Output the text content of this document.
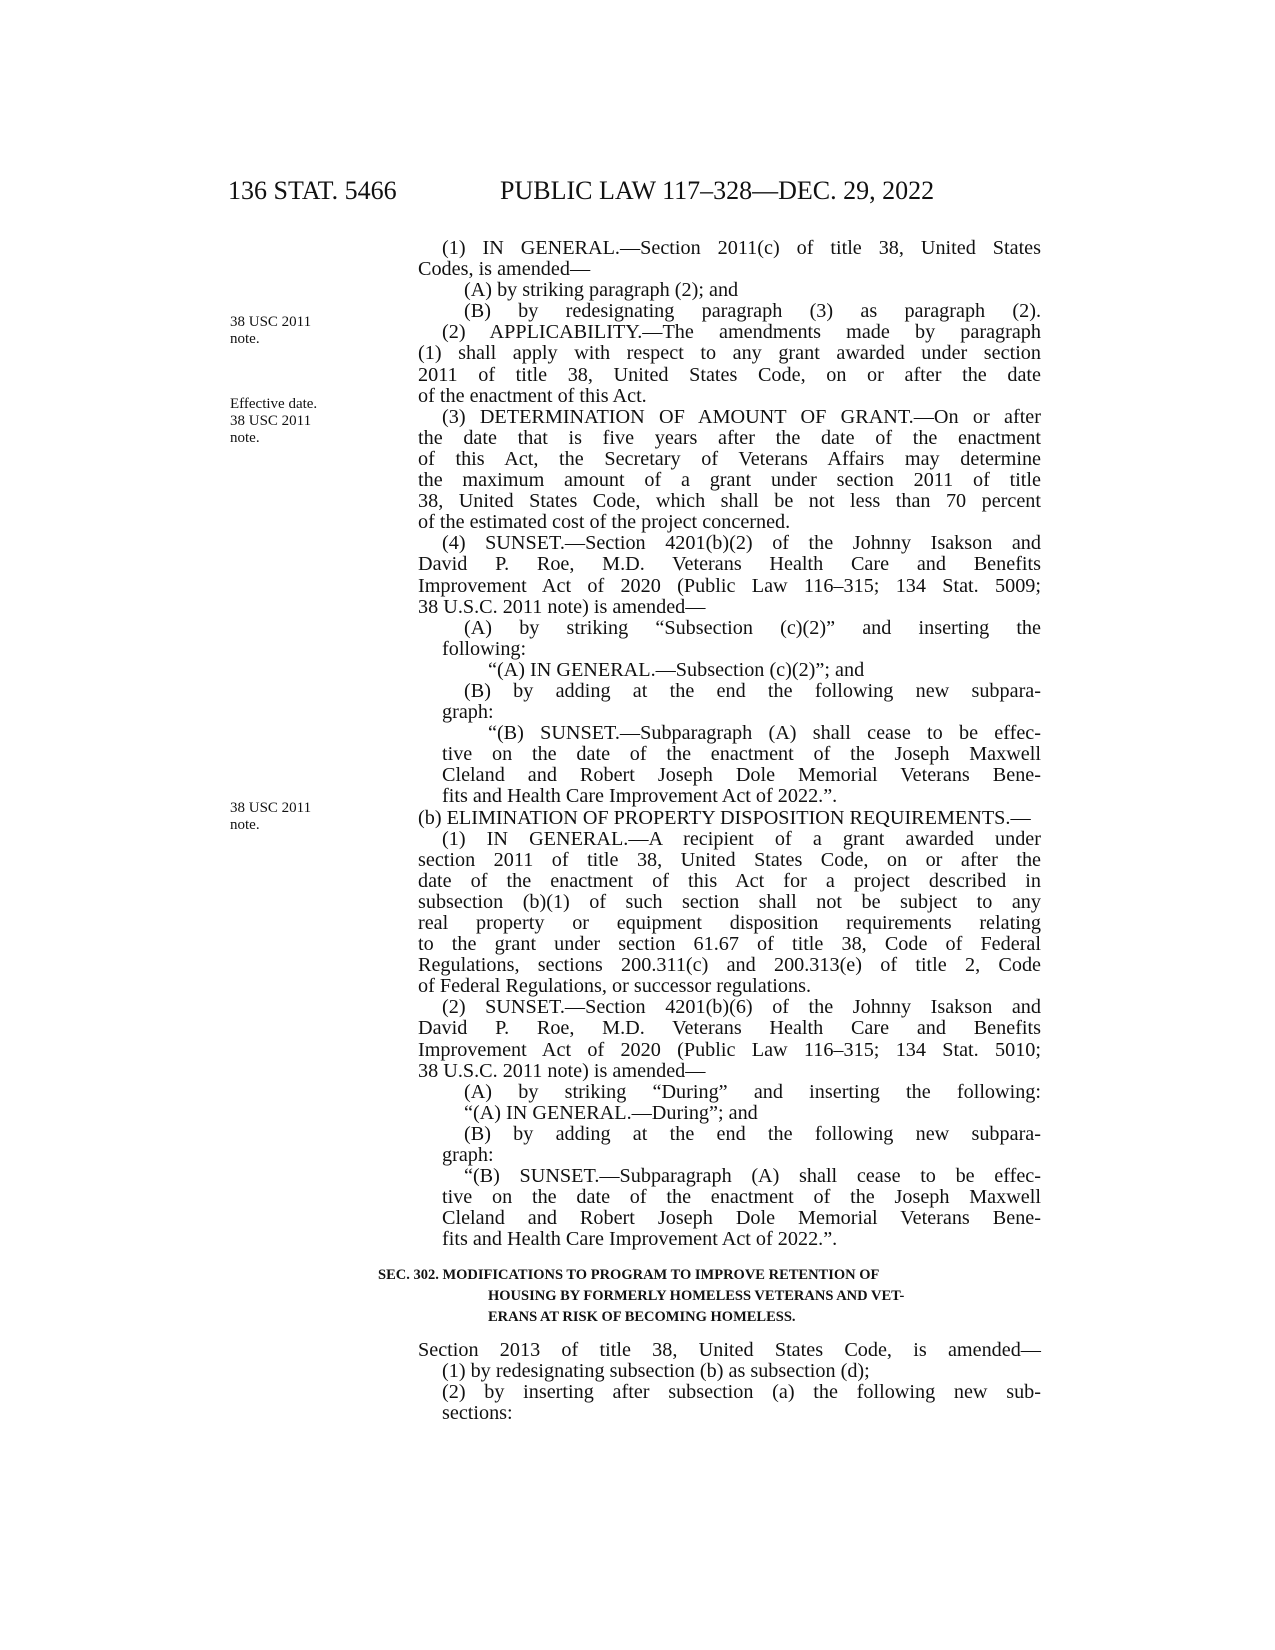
136 STAT. 5466	PUBLIC LAW 117–328—DEC. 29, 2022
38 USC 2011
note.
Effective date.
38 USC 2011
note.
38 USC 2011
note.
(1) IN GENERAL.—Section 2011(c) of title 38, United States
Codes, is amended—
(A) by striking paragraph (2); and
(B) by redesignating paragraph (3) as paragraph (2).
(2) APPLICABILITY.—The amendments made by paragraph
(1) shall apply with respect to any grant awarded under section
2011 of title 38, United States Code, on or after the date
of the enactment of this Act.
(3) DETERMINATION OF AMOUNT OF GRANT.—On or after
the date that is five years after the date of the enactment
of this Act, the Secretary of Veterans Affairs may determine
the maximum amount of a grant under section 2011 of title
38, United States Code, which shall be not less than 70 percent
of the estimated cost of the project concerned.
(4) SUNSET.—Section 4201(b)(2) of the Johnny Isakson and
David P. Roe, M.D. Veterans Health Care and Benefits
Improvement Act of 2020 (Public Law 116–315; 134 Stat. 5009;
38 U.S.C. 2011 note) is amended—
(A) by striking “Subsection (c)(2)” and inserting the
following:
“(A) IN GENERAL.—Subsection (c)(2)”; and
(B) by adding at the end the following new subpara-
graph:
“(B) SUNSET.—Subparagraph (A) shall cease to be effec-
tive on the date of the enactment of the Joseph Maxwell
Cleland and Robert Joseph Dole Memorial Veterans Bene-
fits and Health Care Improvement Act of 2022.”.
(b) ELIMINATION OF PROPERTY DISPOSITION REQUIREMENTS.—
(1) IN GENERAL.—A recipient of a grant awarded under
section 2011 of title 38, United States Code, on or after the
date of the enactment of this Act for a project described in
subsection (b)(1) of such section shall not be subject to any
real property or equipment disposition requirements relating
to the grant under section 61.67 of title 38, Code of Federal
Regulations, sections 200.311(c) and 200.313(e) of title 2, Code
of Federal Regulations, or successor regulations.
(2) SUNSET.—Section 4201(b)(6) of the Johnny Isakson and
David P. Roe, M.D. Veterans Health Care and Benefits
Improvement Act of 2020 (Public Law 116–315; 134 Stat. 5010;
38 U.S.C. 2011 note) is amended—
(A) by striking “During” and inserting the following:
“(A) IN GENERAL.—During”; and
(B) by adding at the end the following new subpara-
graph:
“(B) SUNSET.—Subparagraph (A) shall cease to be effec-
tive on the date of the enactment of the Joseph Maxwell
Cleland and Robert Joseph Dole Memorial Veterans Bene-
fits and Health Care Improvement Act of 2022.”.
SEC. 302. MODIFICATIONS TO PROGRAM TO IMPROVE RETENTION OF
HOUSING BY FORMERLY HOMELESS VETERANS AND VET-
ERANS AT RISK OF BECOMING HOMELESS.
Section 2013 of title 38, United States Code, is amended—
(1) by redesignating subsection (b) as subsection (d);
(2) by inserting after subsection (a) the following new sub-
sections:
